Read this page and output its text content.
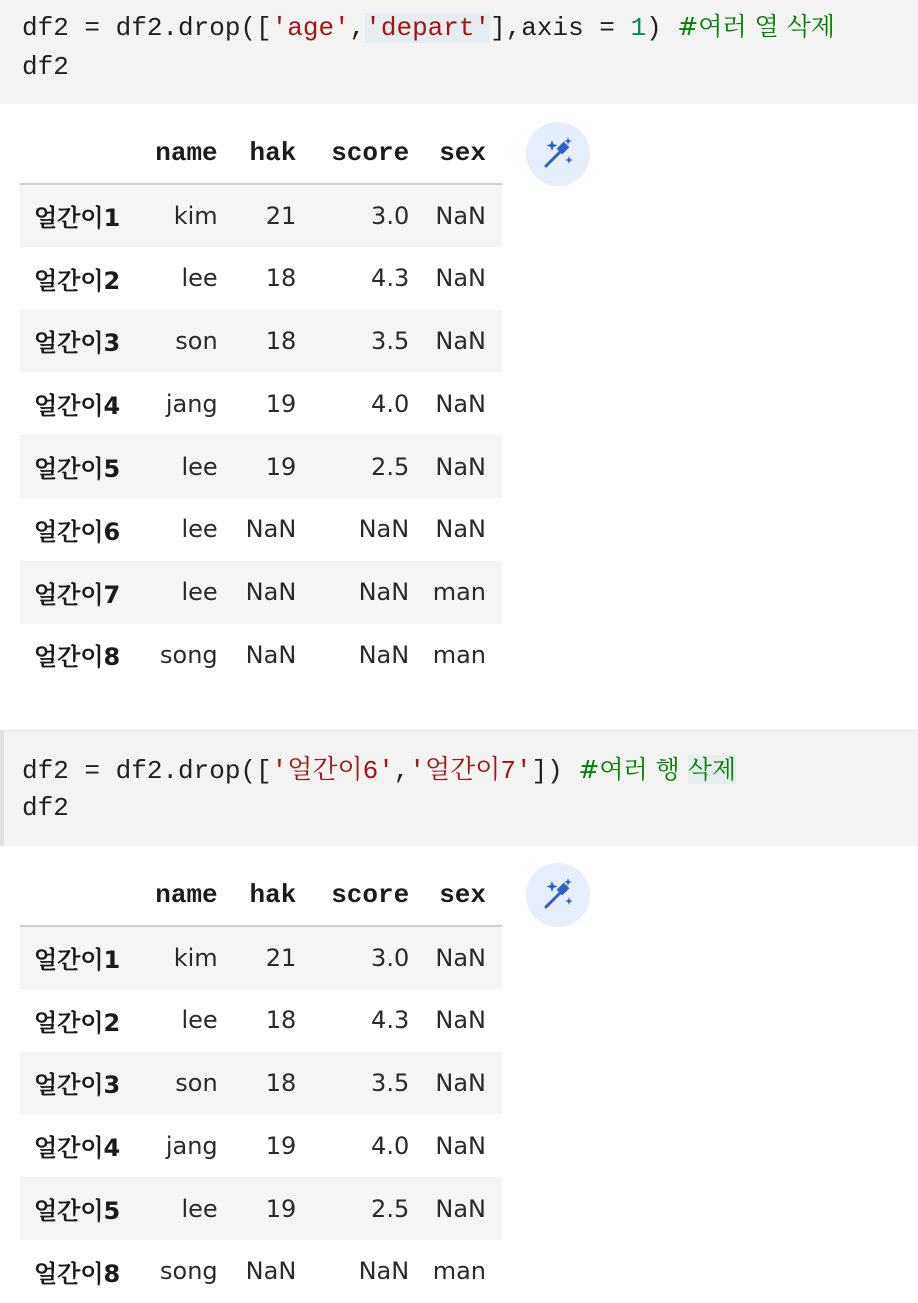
df2 = df2.drop(['age','depart'],axis = 1) #여러 열 삭제
df2
	name	hak	score	sex
얼간이1	kim	21	3.0	NaN
얼간이2	lee	18	4.3	NaN
얼간이3	son	18	3.5	NaN
얼간이4	jang	19	4.0	NaN
얼간이5	lee	19	2.5	NaN
얼간이6	lee	NaN	NaN	NaN
얼간이7	lee	NaN	NaN	man
얼간이8	song	NaN	NaN	man
df2 = df2.drop(['얼간이6','얼간이7']) #여러 행 삭제
df2
	name	hak	score	sex
얼간이1	kim	21	3.0	NaN
얼간이2	lee	18	4.3	NaN
얼간이3	son	18	3.5	NaN
얼간이4	jang	19	4.0	NaN
얼간이5	lee	19	2.5	NaN
얼간이8	song	NaN	NaN	man
